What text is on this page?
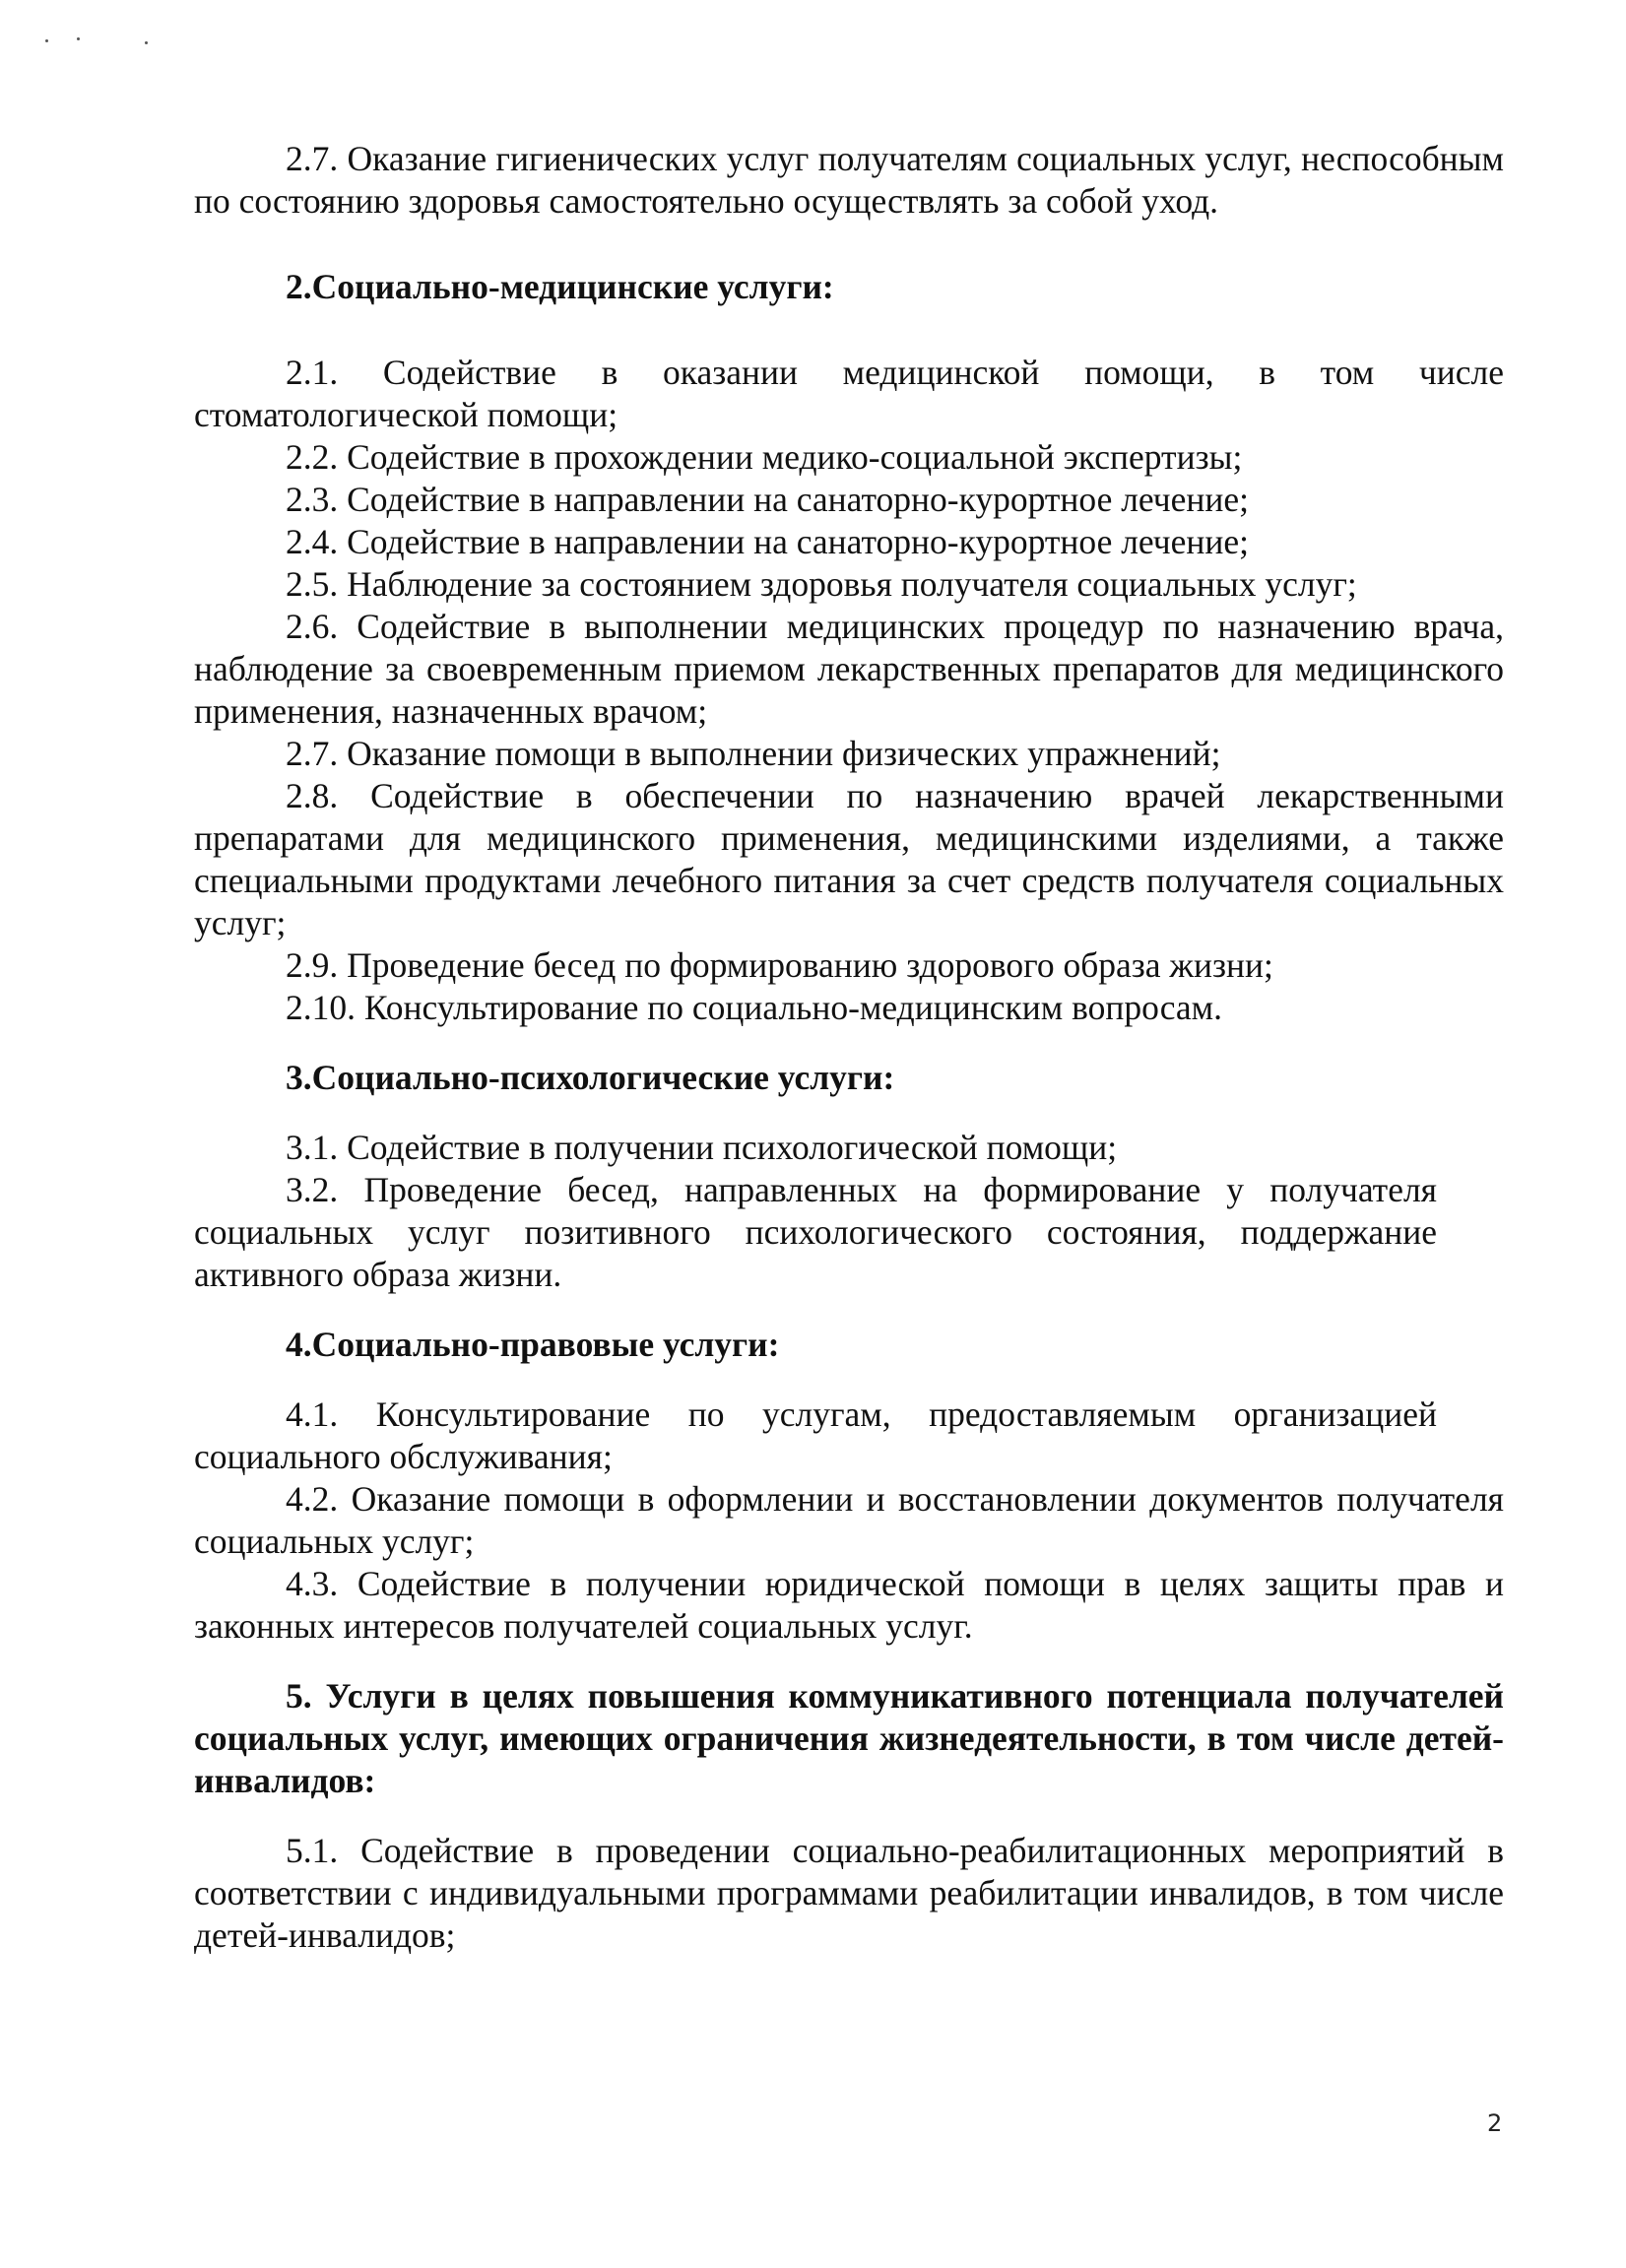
2.7. Оказание гигиенических услуг получателям социальных услуг, неспособным по состоянию здоровья самостоятельно осуществлять за собой уход.

2.Социально-медицинские услуги:

2.1. Содействие в оказании медицинской помощи, в том числе стоматологической помощи;

2.2. Содействие в прохождении медико-социальной экспертизы;

2.3. Содействие в направлении на санаторно-курортное лечение;

2.4. Содействие в направлении на санаторно-курортное лечение;

2.5. Наблюдение за состоянием здоровья получателя социальных услуг;

2.6. Содействие в выполнении медицинских процедур по назначению врача, наблюдение за своевременным приемом лекарственных препаратов для медицинского применения, назначенных врачом;

2.7. Оказание помощи в выполнении физических упражнений;

2.8. Содействие в обеспечении по назначению врачей лекарственными препаратами для медицинского применения, медицинскими изделиями, а также специальными продуктами лечебного питания за счет средств получателя социальных услуг;

2.9. Проведение бесед по формированию здорового образа жизни;

2.10. Консультирование по социально-медицинским вопросам.

3.Социально-психологические услуги:

3.1. Содействие в получении психологической помощи;

3.2. Проведение бесед, направленных на формирование у получателя социальных услуг позитивного психологического состояния, поддержание активного образа жизни.

4.Социально-правовые услуги:

4.1. Консультирование по услугам, предоставляемым организацией социального обслуживания;

4.2. Оказание помощи в оформлении и восстановлении документов получателя социальных услуг;

4.3. Содействие в получении юридической помощи в целях защиты прав и законных интересов получателей социальных услуг.

5. Услуги в целях повышения коммуникативного потенциала получателей социальных услуг, имеющих ограничения жизнедеятельности, в том числе детей-инвалидов:

5.1. Содействие в проведении социально-реабилитационных мероприятий в соответствии с индивидуальными программами реабилитации инвалидов, в том числе детей-инвалидов;

2
